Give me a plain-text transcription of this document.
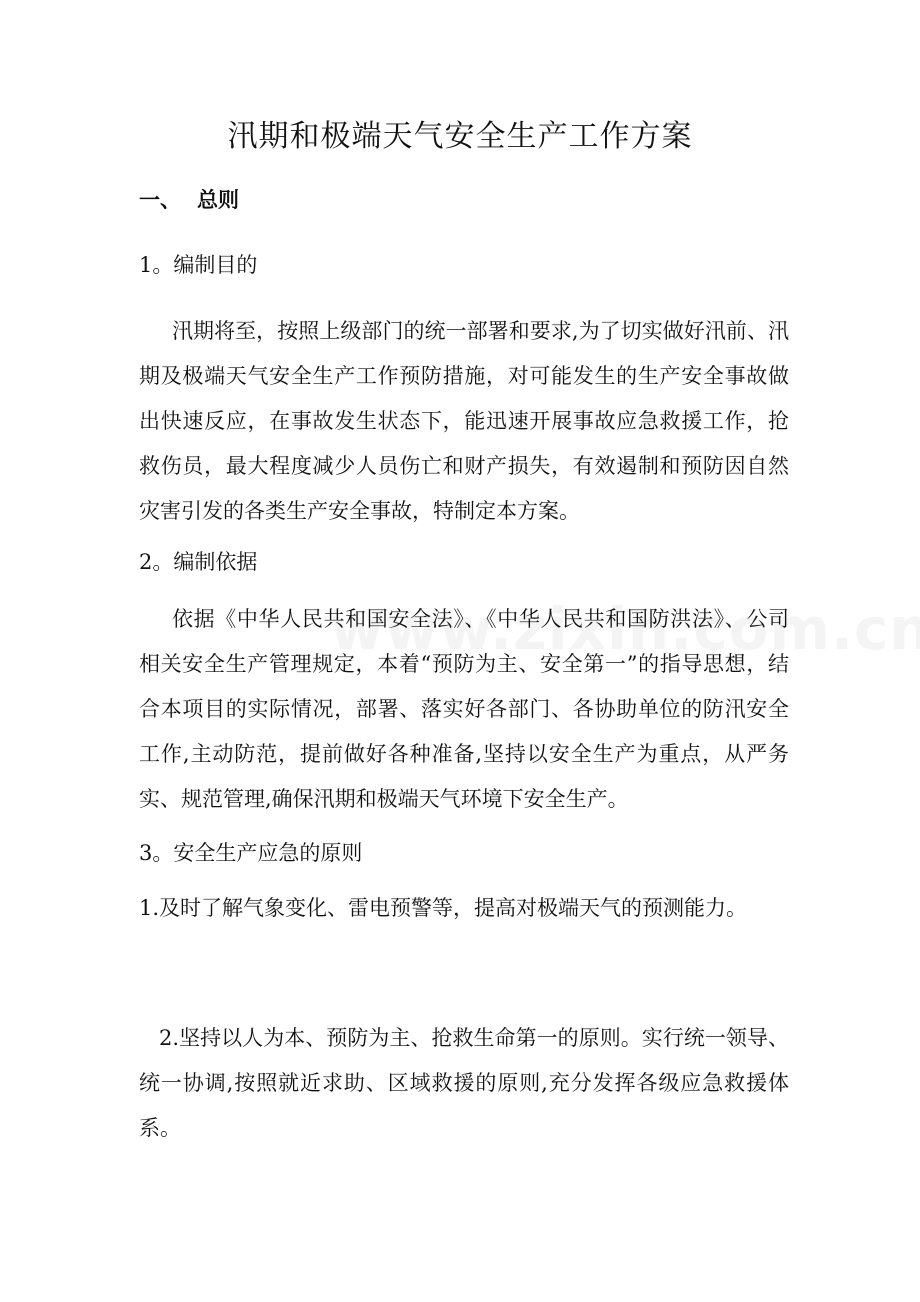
汛期和极端天气安全生产工作方案
一、 总则
1。编制目的
汛期将至，按照上级部门的统一部署和要求,为了切实做好汛前、汛期及极端天气安全生产工作预防措施，对可能发生的生产安全事故做出快速反应，在事故发生状态下，能迅速开展事故应急救援工作，抢救伤员，最大程度减少人员伤亡和财产损失，有效遏制和预防因自然灾害引发的各类生产安全事故，特制定本方案。
2。编制依据
依据《中华人民共和国安全法》、《中华人民共和国防洪法》、公司相关安全生产管理规定，本着“预防为主、安全第一”的指导思想，结合本项目的实际情况，部署、落实好各部门、各协助单位的防汛安全工作,主动防范，提前做好各种准备,坚持以安全生产为重点，从严务实、规范管理,确保汛期和极端天气环境下安全生产。
3。安全生产应急的原则
1.及时了解气象变化、雷电预警等，提高对极端天气的预测能力。
2.坚持以人为本、预防为主、抢救生命第一的原则。实行统一领导、统一协调,按照就近求助、区域救援的原则,充分发挥各级应急救援体系。
